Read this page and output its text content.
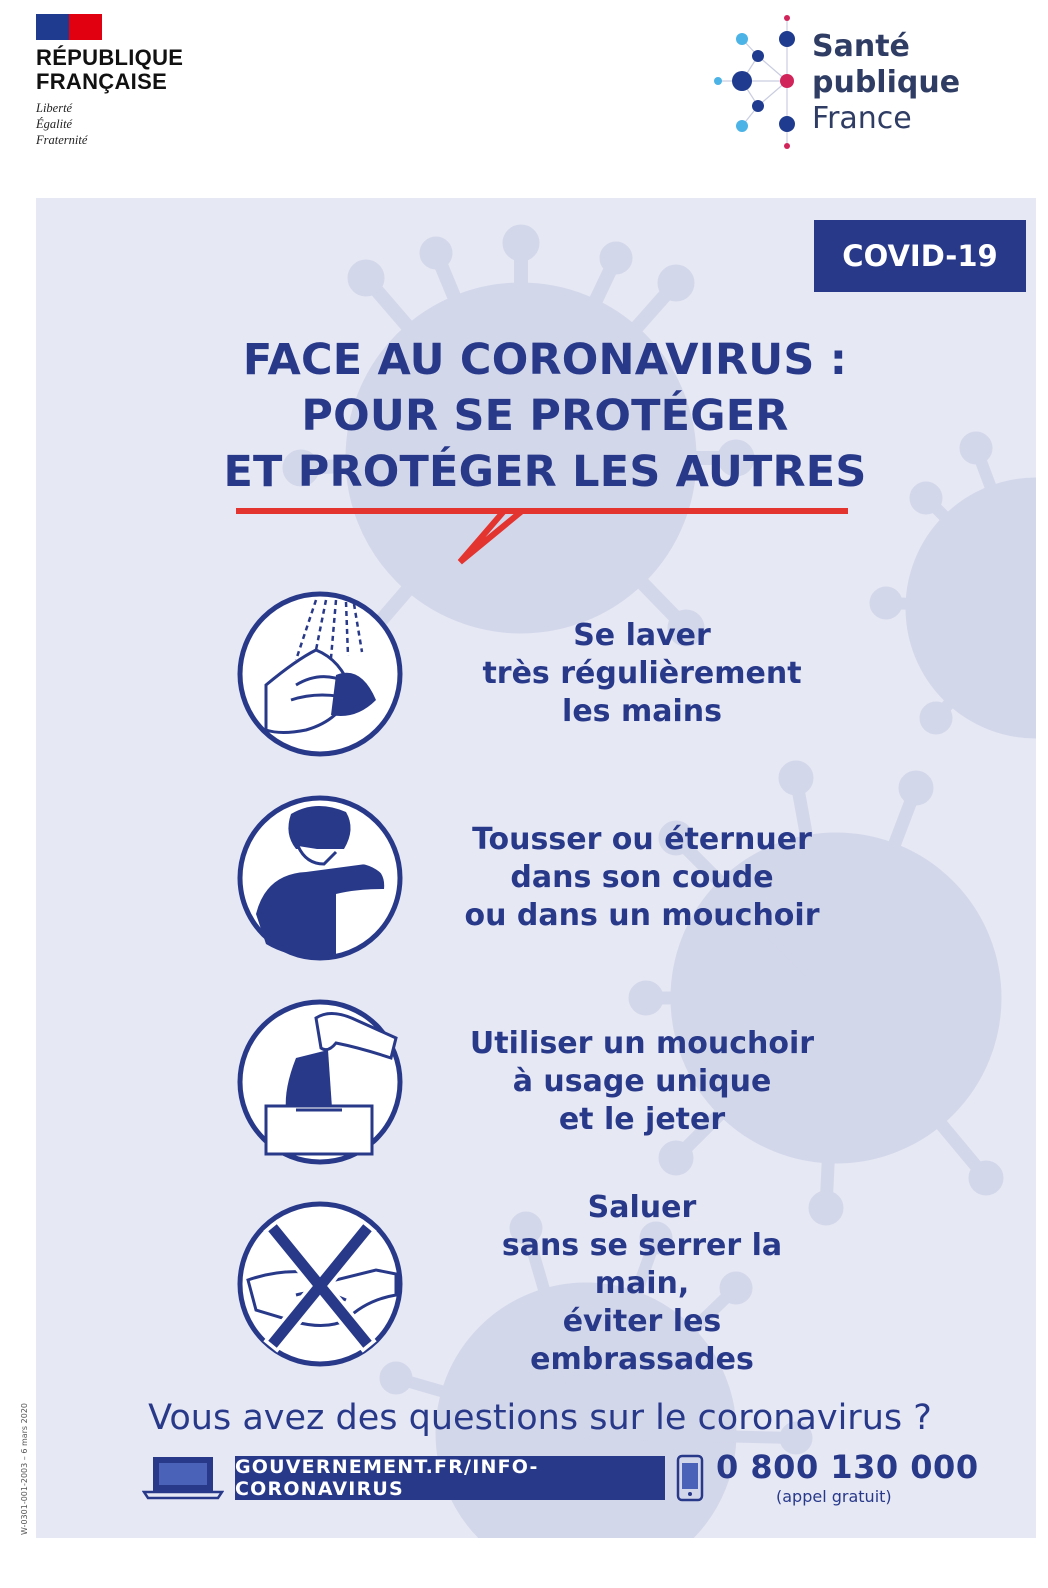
RÉPUBLIQUE
FRANÇAISE
Liberté
Égalité
Fraternité
Santé
publique
France
COVID-19
FACE AU CORONAVIRUS :
POUR SE PROTÉGER
ET PROTÉGER LES AUTRES
Se laver
très régulièrement
les mains
Tousser ou éternuer
dans son coude
ou dans un mouchoir
Utiliser un mouchoir
à usage unique
et le jeter
Saluer
sans se serrer la main,
éviter les embrassades
Vous avez des questions sur le coronavirus ?
GOUVERNEMENT.FR/INFO-CORONAVIRUS
0 800 130 000
(appel gratuit)
W-0301-001-2003 – 6 mars 2020
